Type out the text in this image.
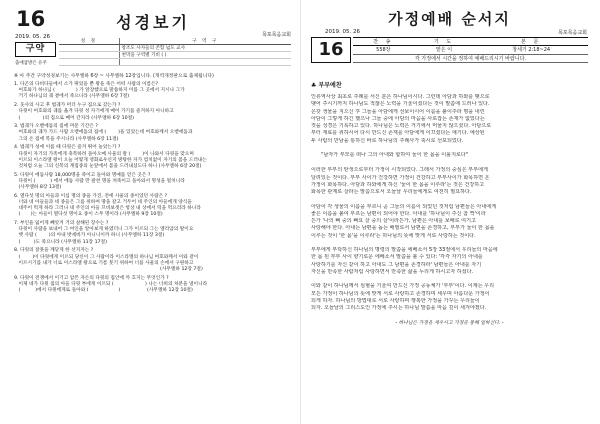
16	성경보기
2019. 05. 26	목포목음교회
구약
출애굽방은 유주
성 경	구 역 구
	창조도 사자들의 존함 넓도 교사
	천막을 구역별 기비 ( )

※ 아 주간 구약성경보기는 사무엘하 6장 ~ 사무엘하 12장입니다. (개역개정판으로 출제됩니다)
1. 다곤의 다비다들에서 소가 뛰었을 뿐 왕을 죽은 어떠 사람의 이름은?
여호와가 하나님 (              ) 가 앞장했으로 말씀하지 이를 그 곳에서 지시나 그가
거기 하나님의 궤 곁에서 죽으니라 (사무엘하 6장 7절)
2. 웃사의 사고 후 법궤가 머더 누구 집으로 갔는가 ?
다윗이 여호와의 궤를 옮겨 다윗 성 자기에게 메어 가기를 즐겨하지 아니하고
(               )의 집으로 메어 간지라 (사무엘하 6장 10절)
3. 법궤가 오벧에돔의 집에 머문 기간은 ?
여호와의 궤가 가드 사람 오벧에돔의 집에 (        )을 있었는데 여호와께서 오벧에돔과
그의 온 집에 복을 주시니라 (사무엘하 6장 11절)
4. 법궤가 성에 이를 때 다윗은 즐겨 뛰어 놀았는가 ?
다윗이 자기의 가족에게 축복하려 돌아오매 사울의 딸 (        )이 나와서 다윗을 맞으며
이르되 이스라엘 왕이 오늘 어떻게 영화로우신지 방탕한 자가 염치없이 자기의 몸을 드러내는
것처럼 오늘 그의 신복의 계집종의 눈앞에서 몸을 드러내셨도다 하니 (사무엘하 6장 20절)
5. 다윗이 에돔사람 18,000명을 죽이고 돌아와 명예를 얻은 곳은 ?
다윗이 (          ) 에서 에돔 사람 만 팔천 명을 쳐죽이고 돌아와서 명성을 떨치니라
(사무엘하 8장 13절)
6. 열다섯 명의 아들과 이십 명의 종을 가진, 전에 사울의 종이었던 사람은 ?
너와 네 아들들과 네 종들은 그를 위하여 땅을 갈고 거두어 네 주인의 아들에게 양식을
대주어 먹게 하라 그러나 네 주인의 아들 므비보셋은 항상 내 상에서 떡을 먹으리라 하니라
(       )는 아들이 열다섯 명이요 종이 스무 명이라 (사무엘하 9장 10절)
7. 부인을 잃어게 빼앗겨 거의 살해된 장수는 ?
다윗이 사람을 보내어 그 여인을 알아보게 하였더니 그가 이르되 그는 엘리암의 딸이요
헷 사람 (        )의 아내 밧세바가 아니니이까 하니 (사무엘하 11장 3절)
(         )도 죽으니라 (사무엘하 11장 17절)
8. 다윗의 잘못을 깨닫게 한 선지자는 ?
(        )이 다윗에게 이르되 당신이 그 사람이라 이스라엘의 하나님 여호와께서 이와 같이
이르시기를 내가 너로 이스라엘 왕으로 기름 붓기 위하여 너를 사울의 손에서 구원하고
(사무엘하 12장 7절)
9. 다윗이 전쟁에서 이기고 암몬 자손의 다윗의 집안에 까 흐지는 무엇인가 ?
이제 네가 다윗 집의 아들 다윗 부에게 이르되 (                     ) 나는 너희의 처분을 낼이니라
(          )에서 다윗에게로 돌아와 (                    )                  (사무엘하 12장 10절)
가정예배 순서지
2019. 05. 26	목포목음교회
16	찬 송	기 도	본 문
558장	맡은 이	창세기 2:18~24
각 가정에서 시간을 정하여 예배드리시기 바랍니다.		
♣ 부부예찬
인류역사상 최초로 주례를 서신 분은 하나님이시다. 그런데 아담과 하와를 맺으로
맺어 주시기까지 하나님도 적잖은 노력을 기울이셨다는 것이 말씀에 드러나 있다.
온갖 생물을 지으신 후 그들을 아담에게 선보이시어 이름을 붙이주라 명을 내린
아담이 그렇게 하긴 했으나 그들 중에 아담의 마음을 사로잡는 존재가 없었다는
것을 성경은 기록하고 있다. 하나님은 노력은 거기에서 머물지 않으셨다. 아담으로
부터 재료를 취하시어 다시 만드신 존재를 아담에게 이끄셨다는 얘기다. 예상된
두 사람의 만남을 통하신 바로 하나님의 주례사가 축시로 선포되었다.
"남자가 부모를 떠나 그의 아내와 합하여 둘이 한 몸을 이룰지로다"
이러한 부부의 탄생으로부터 가정이 시작되었다. 그래서 가정의 중심은 부부에게
달려있는 것이다. 부부 사이가 건강하면 가정이 건강하고 부부사이가 화목하면 온
가정이 화목하다. 아담과 하와에게 하신 '둘이 한 몸을 이루라'는 것은 건강하고
화목한 관계로 살라는 말씀으로서 오늘날 우리들에게도 여전히 필요하다.
아담이 각 생물의 이름을 부르니 곧 그들의 이름이 되었던 것처럼 남편들은 아내에게
좋은 이름을 붙여 부르는 남편이 되어야 한다. 아내를 '하나님이 주신 참 짝'이라
든가 '나의 뼈 중의 뼈요 살 중의 살'이라든가, 남편은 아내를 보배로 여기고
사랑해야 한다. 아내는 남편을 돕는 배필로서 남편을 존경하고, 부부가 둘이 한 몸을
이루는 것이 '한 몸'을 이루라'는 하나님의 뜻에 맞게 서로 사랑하는 것이다.
부부에게 부탁하신 하나님의 명령의 말씀을 에베소서 5장 33절에서 우리들의 마음에
한 몸 된 부부 사이 향기로운 에베소서 말씀을 볼 수 있다: '각각 자기의 아내를
사랑하기를 자신 같이 하고 아내도 그 남편을 존경하라' 남편들은 아내를 자기
자신을 만족한 사람처럼 사랑하면서 만족한 삶을 누리게 하시고자 하셨다.
이와 같이 하나님께서 심혈을 기울여 만드신 가정 공동체가 '부부'이다. 이제는 우리
모든 가정이 하나님의 뜻에 맞게 서로 사랑하고 존경하며 세우며 아름다운 가정이
되게 하자. 하나님의 방법대로 서로 사랑하며 행복한 가정을 가꾸는 우리들이
되자. 오늘날의 그리스도인 가정에 주시는 하나님 말씀을 마음 깊이 새겨야겠다.
- 하나님은 가정을 세우시고 가정을 통해 일하신다. -
